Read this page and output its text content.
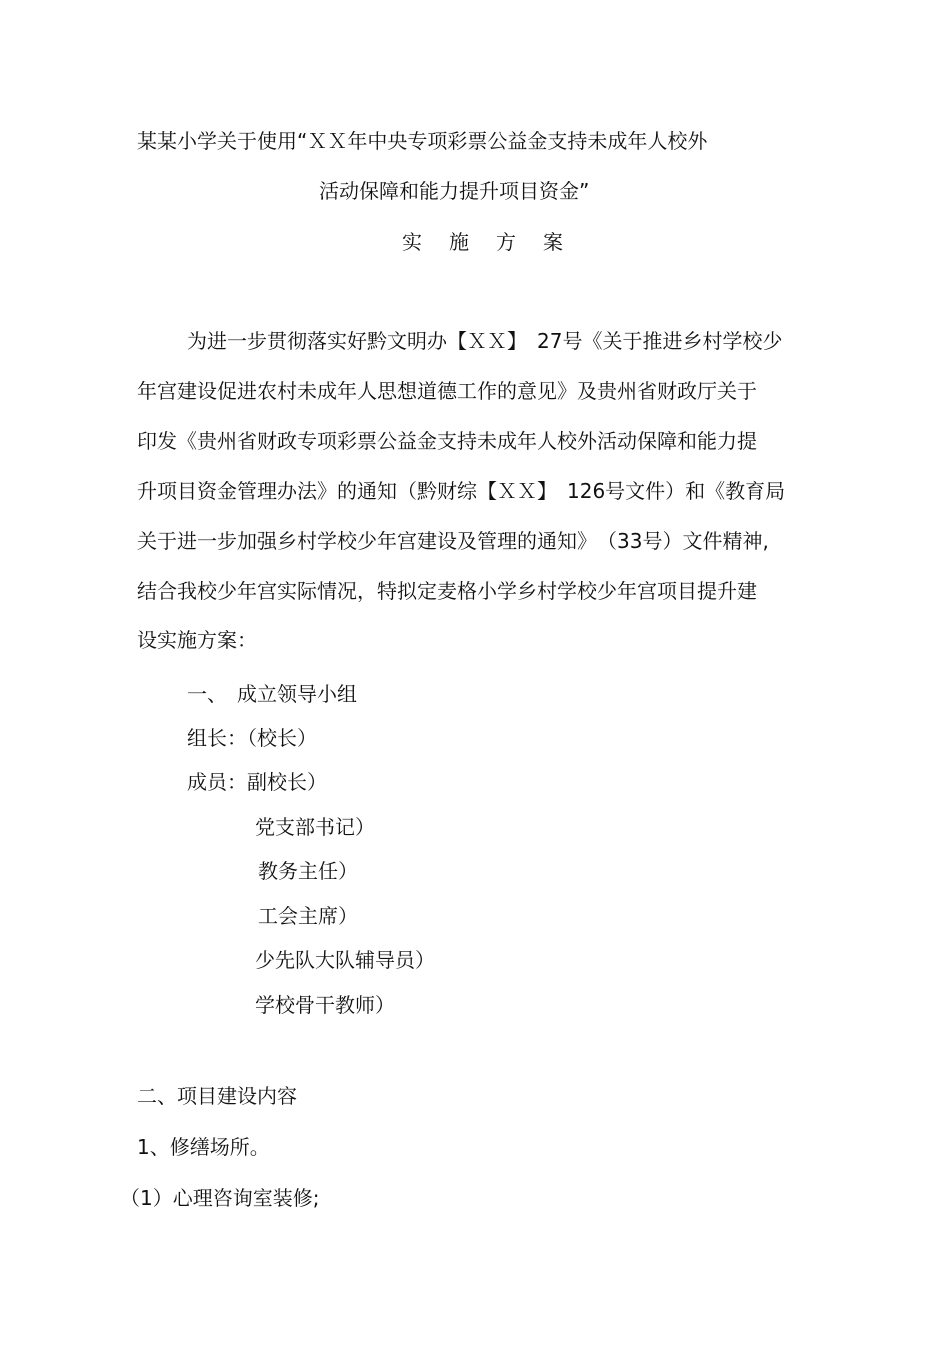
某某小学关于使用“ＸＸ年中央专项彩票公益金支持未成年人校外
活动保障和能力提升项目资金”
实施方案
为进一步贯彻落实好黔文明办【ＸＸ】　27号《关于推进乡村学校少
年宫建设促进农村未成年人思想道德工作的意见》及贵州省财政厅关于
印发《贵州省财政专项彩票公益金支持未成年人校外活动保障和能力提
升项目资金管理办法》的通知（黔财综【ＸＸ】　126号文件）和《教育局
关于进一步加强乡村学校少年宫建设及管理的通知》　（33号）文件精神,
结合我校少年宫实际情况，特拟定麦格小学乡村学校少年宫项目提升建
设实施方案：
一、　成立领导小组
组长：（校长）
成员：副校长）
党支部书记）
教务主任）
工会主席）
少先队大队辅导员）
学校骨干教师）
二、项目建设内容
1、修缮场所。
（1）心理咨询室装修;
